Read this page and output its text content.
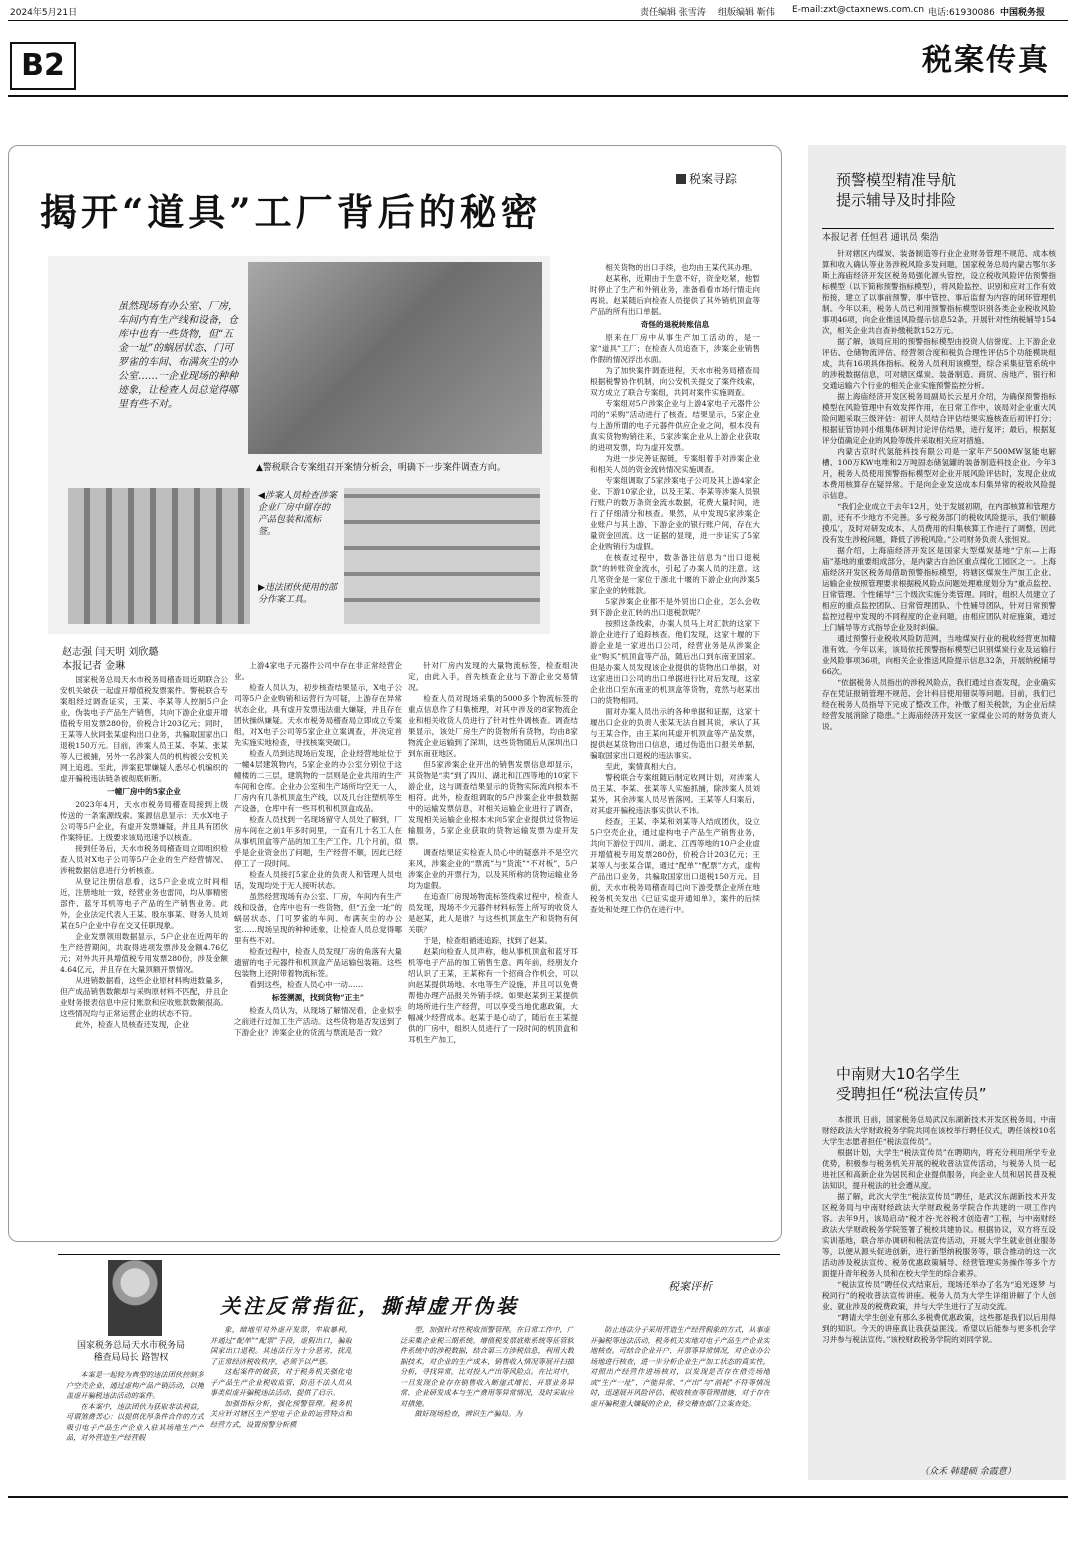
2024年5月21日	责任编辑 张雪涛 组版编辑 靳伟 E-mail:zxt@ctaxnews.com.cn 电话:61930086 中国税务报
B2	税案传真
揭开“道具”工厂背后的秘密
税案寻踪
虽然现场有办公室、厂房，车间内有生产线和设备，仓库中也有一些货物，但“五金一址”的蜗居状态、门可罗雀的车间、布满灰尘的办公室……一企业现场的种种迹象，让检查人员总觉得哪里有些不对。
▲警税联合专案组召开案情分析会，明确下一步案件调查方向。
◀涉案人员检查涉案企业厂房中留存的产品包装和流标签。
▶违法团伙使用的部分作案工具。
赵志强 闫天明 刘欣璐
本报记者 金琳

国家税务总局天水市税务局稽查局近期联合公安机关破获一起虚开增值税发票案件。警税联合专案组经过调查证实，王某、李某等人控制5户企业，伪装电子产品生产销售，共向下游企业虚开增值税专用发票280份，价税合计203亿元；同时，王某等人伙同张某虚构出口业务，共骗取国家出口退税150万元。目前，涉案人员王某、李某、张某等人已被捕，另外一名涉案人员的机构被公安机关网上追逃。至此，涉案犯罪嫌疑人悉尽心机编织的虚开骗税违法链条被彻底斩断。

一幢厂房中的5家企业

2023年4月，天水市税务局稽查局接到上级传送的一条案源线索。案源信息显示：天水X电子公司等5户企业，有虚开发票嫌疑，并且具有团伙作案特征。上级要求该局迅速予以核查。

接到任务后，天水市税务局稽查局立即组织检查人员对X电子公司等5户企业的生产经营情况、涉税数据信息进行分析核查。

从登记注册信息看，这5户企业成立时间相近，注册地址一致，经营业务也雷同，均从事精密部件、蓝牙耳机等电子产品的生产销售业务。此外，企业法定代表人王某、殷东事某、财务人员刘某在5户企业中存在交叉任职现象。

企业发票领用数据显示，5户企业在近两年的生产经营期间，共取得进项发票涉及金额4.76亿元；对外共开具增值税专用发票280份，涉及金额4.64亿元，并且存在大量顶额开票情况。

从进销数据看，这些企业原材料购进数量多，但产成品销售数额却与采购原材料不匹配，并且企业财务报表信息中应付账款和应收账款数额很高。这些情况均与正常运营企业的状态不符。

此外，检查人员核查还发现，企业

上游4家电子元器件公司中存在非正常经营企业。

检查人员认为，初步核查结果显示，X电子公司等5户企业购销和运营行为可疑，上游存在异常状态企业，具有虚开发票违法重大嫌疑，并且存在团伙操纵嫌疑。天水市税务局稽查局立即成立专案组，对X电子公司等5家企业立案调查，并决定首先实施实地检查，寻找核案突破口。

检查人员到达现场后发现，企业经营地址位于一幢4层建筑物内，5家企业的办公室分别位于这幢楼的二三层，建筑物的一层则是企业共用的生产车间和仓库。企业办公室和生产场所均空无一人，厂房内有几条机顶盒生产线，以及几台注塑机等生产设备，仓库中有一些耳机和机顶盒成品。

检查人员找到一名现场留守人员处了解到，厂房车间在之前1年多时间里，一直有几十名工人在从事机顶盒等产品的加工生产工作。几个月前，似乎是企业资金出了问题，生产经营不顺，因此已经停工了一段时间。

检查人员接打5家企业的负责人和管理人员电话，发现均处于无人接听状态。

虽然经营现场有办公室、厂房，车间内有生产线和设备，仓库中也有一些货物，但“五金一址”的蜗居状态、门可罗雀的车间、布满灰尘的办公室……现场呈现的种种迹象，让检查人员总觉得哪里有些不对。

检查过程中，检查人员发现厂房的角落有大量遗留的电子元器件和机顶盒产品运输包装箱。这些包装物上还附带着物流标签。

看到这些，检查人员心中一动……

标签溯源，找到货物“正主”

检查人员认为，从现场了解情况看，企业似乎之前进行过加工生产活动。这些货物是否发送到了下游企业？涉案企业的货流与票流是否一致？

针对厂房内发现的大量物流标签，检查组决定，由此入手，首先核查企业与下游企业交易情况。

检查人员对现场采集的5000多个物流标签的重点信息作了归集梳理，对其中涉及的8家物流企业和相关收货人员进行了针对性外调核查。调查结果显示，该处厂房生产的货物所有货物，均由8家物流企业运输到了深圳，这些货物随后从深圳出口到东南亚地区。

但5家涉案企业开出的销售发票信息却显示，其货物是“卖”到了四川、湖北和江西等地的10家下游企业，这与调查结果显示的货物实际流向根本不相符。此外，检查组调取的5户涉案企业申报数据中的运输发票信息，对相关运输企业进行了调查，发现相关运输企业根本未向5家企业提供过货物运输服务，5家企业获取的货物运输发票为虚开发票。

调查结果证实检查人员心中的疑惑并不是空穴来风，涉案企业的“票流”与“货流”“不对板”，5户涉案企业的开票行为，以及其所称的货物运输业务均为虚假。

在追查厂房现场物流标签线索过程中，检查人员发现，现场不少元器件材料标签上所写的收货人是赵某，此人是谁？与这些机顶盒生产和货物有何关联？

于是，检查组循迹追踪，找到了赵某。

赵某向检查人员声称，他从事机顶盒和蓝牙耳机等电子产品的加工销售生意。两年前，经朋友介绍认识了王某，王某称有一个招商合作机会，可以向赵某提供场地、水电等生产设施，并且可以免费帮他办理产品报关外销手续。如果赵某到王某提供的场所进行生产经营，可以享受当地优惠政策，大幅减少经营成本。赵某于是心动了，随后在王某提供的厂房中，组织人员进行了一段时间的机顶盒和耳机生产加工，

相关货物的出口手续，也均由王某代其办理。

赵某称，近期由于生意不好，资金吃紧，他暂时停止了生产和外销业务，准备看看市场行情走向再说。赵某随后向检查人员提供了其外销机顶盒等产品的所有出口单据。

奇怪的退税转账信息

原来在厂房中从事生产加工活动的，是一家“道具”工厂；在检查人员追查下，涉案企业销售作假的情况浮出水面。

为了加快案件调查进程，天水市税务局稽查局根据税警协作机制，向公安机关提交了案件线索，双方成立了联合专案组，共同对案件实施调查。

专案组对5户涉案企业与上游4家电子元器件公司的“采购”活动进行了核查。结果显示，5家企业与上游所谓的电子元器件供应企业之间，根本没有真实货物购销往来，5家涉案企业从上游企业获取的进项发票，均为虚开发票。

为进一步完善证据链，专案组着手对涉案企业和相关人员的资金流转情况实施调查。

专案组调取了5家涉案电子公司及其上游4家企业、下游10家企业，以及王某、李某等涉案人员银行账户的数万条资金流水数据，花费大量时间，进行了仔细清分和核查。果然，从中发现5家涉案企业账户与其上游、下游企业的银行账户间，存在大量资金回流。这一证据的显现，进一步证实了5家企业购销行为虚假。

在核查过程中，数条备注信息为“出口退税款”的转账资金流水，引起了办案人员的注意。这几笔资金是一家位于浙北十堰的下游企业向涉案5家企业的转账款。

5家涉案企业都不是外贸出口企业，怎么会收到下游企业汇转的出口退税款呢？

按照这条线索，办案人员马上对汇款的这家下游企业进行了追踪核查。他们发现，这家十堰的下游企业是一家进出口公司，经营业务是从涉案企业“购买”机顶盒等产品，随后出口到东南亚国家。但是办案人员发现该企业提供的货物出口单据，对这家进出口公司的出口单据进行比对后发现，这家企业出口至东南亚的机顶盒等货物，竟然与赵某出口的货物相同。

面对办案人员出示的各种单据和证据，这家十堰出口企业的负责人张某无法自圆其说，承认了其与王某合作，由王某向其虚开机顶盒等产品发票，提供赵某货物出口信息，通过伪造出口报关单据，骗取国家出口退税的违法事实。

至此，案情真相大白。

警税联合专案组随后制定收网计划，对涉案人员王某、李某、张某等人实施抓捕，除涉案人员刘某外，其余涉案人员尽皆落网。王某等人归案后，对其虚开骗税违法事实供认不讳。

经查，王某、李某和刘某等人结成团伙，设立5户空壳企业，通过虚构电子产品生产销售业务，共向下游位于四川、湖北、江西等地的10户企业虚开增值税专用发票280份，价税合计203亿元；王某等人与张某合谋，通过“配单”“配票”方式，虚构产品出口业务，共骗取国家出口退税150万元。目前，天水市税务局稽查局已向下游受票企业所在地税务机关发出《已证实虚开通知单》，案件的后续查处和处理工作仍在进行中。

预警模型精准导航
提示辅导及时排险
本报记者 任恒君 通讯员 柴浩

针对辖区内煤炭、装备制造等行业企业财务管理不规范、成本核算和收入确认等业务涉税风险多发问题，国家税务总局内蒙古鄂尔多斯上海庙经济开发区税务局强化源头管控，设立税收风险评估预警指标模型（以下简称预警指标模型），将风险监控、识别和应对工作有效衔接，建立了以事前预警、事中管控、事后监督为内容的闭环管理机制。今年以来，税务人员已利用预警指标模型识别各类企业税收风险事项46项，向企业推送风险提示信息52条，开展针对性纳税辅导154次，相关企业共自查补缴税款152万元。

据了解，该局应用的预警指标模型由投资人信誉度、上下游企业评估、仓储物流评估、经营领合度和税负合理性评估5个功能模块组成，共有16项具体指标。税务人员利用该模型，综合采集征管系统中的涉税数据信息，可对辖区煤炭、装备制造、商贸、房地产、银行和交通运输六个行业的相关企业实施预警监控分析。

据上海庙经济开发区税务局副局长云星月介绍，为确保预警指标模型在风险管理中有效发挥作用，在日常工作中，该局对企业重大风险问题采取三级评估：初评人员结合评估结果实施核查后初评打分；根据征管协同小组集体研判讨论评估结果，进行复评；最后，根据复评分值确定企业的风险等级并采取相关应对措施。

内蒙古京时代氢能科技有限公司是一家年产500MW氢能电解槽、100万KW电堆和2万吨固态储氢罐的装备制造科技企业。今年3月，税务人员使用预警指标模型对企业开展风险评估时，发现企业成本费用核算存在疑异常。于是向企业发送成本归集异常的税收风险提示信息。

“我们企业成立于去年12月，处于发展初期，在内部核算和管理方面，还有不少地方不完善。多亏税务部门的税收风险提示，我们‘顺藤摸瓜’，及时对研发成本、人员费用的归集核算工作进行了调整，因此没有发生涉税问题，降低了涉税风险。”公司财务负责人张恒说。

据介绍，上海庙经济开发区是国家大型煤炭基地“宁东—上海庙”基地的重要组成部分，是内蒙古自治区重点煤化工园区之一。上海庙经济开发区税务局借助预警指标模型，将辖区煤炭生产加工企业、运输企业按照管理要求根据税风险点问题处理难度划分为“重点监控、日常管理、个性辅导”三个级次实施分类管理。同时，组织人员建立了相应的重点监控团队、日常管理团队、个性辅导团队，针对日常预警监控过程中发现的不同程度的企业问题，由相应团队对症施策，通过上门辅导等方式指导企业及时纠偏。

通过预警行业税收风险防范网，当地煤炭行业的税收经营更加精准有效。今年以来，该局依托预警指标模型已识别煤炭行业及运输行业风险事项36项，向相关企业推送风险提示信息32条，开展纳税辅导66次。

“依据税务人员指出的涉税风险点，我们通过自查发现，企业确实存在凭证报销管理不规范、会计科目使用错误等问题。目前，我们已经在税务人员指导下完成了整改工作，补缴了相关税款，为企业后续经营发展消除了隐患。”上海庙经济开发区一家煤业公司的财务负责人说。

中南财大10名学生
受聘担任“税法宣传员”

本报讯 日前，国家税务总局武汉东湖新技术开发区税务局、中南财经政法大学财政税务学院共同在该校举行聘任仪式，聘任该校10名大学生志愿者担任“税法宣传员”。

根据计划，大学生“税法宣传员”在聘期内，将充分利用所学专业优势，积极参与税务机关开展的税收普法宣传活动，与税务人员一起进社区和高新企业为居民和企业提供服务，向企业人员和居民普及税法知识，提升税法的社会遵从度。

据了解，此次大学生“税法宣传员”聘任，是武汉东湖新技术开发区税务局与中南财经政法大学财政税务学院合作共建的一项工作内容。去年9月，该局启动“税才谷·光谷税才创造者”工程，与中南财经政法大学财政税务学院签署了税校共建协议。根据协议，双方将互设实训基地，联合举办调研和税法宣传活动，开展大学生就业创业服务等，以便从源头促进创新，进行新型纳税服务等，联合推动的这一次活动涉及税法宣传、税务优惠政策辅导、经营管理实务操作等多个方面提升青年税务人员和在校大学生的综合素养。

“税法宣传员”聘任仪式结束后，现场还举办了名为“追光逐梦 与税同行”的税收普法宣传讲座。税务人员为大学生详细讲解了个人创业、就业涉及的税费政策，并与大学生进行了互动交流。

“聘请大学生创业有那么多税费优惠政策，这些都是我们以后用得到的知识。今天的讲座真让我获益匪浅。希望以后能参与更多机会学习并参与税法宣传。”该校财政税务学院的刘同学说。

（众禾 韩建硕 余霞意）
税案评析
关注反常指征，撕掉虚开伪装
国家税务总局天水市税务局
稽查局局长 路智权

本案是一起较为典型的违法团伙控制多户空壳企业，通过虚构产品产销活动，以掩盖虚开骗税违法活动的案件。

在本案中，违法团伙为获取非法利益，可谓煞费苦心：以提供优厚条件合作的方式吸引电子产品生产企业入驻其场地生产产品，对外营造生产经营假

象，暗地里对外虚开发票，牟取暴利，并通过“配单”“配票”手段，虚假出口，骗取国家出口退税。其违法行为十分恶劣，扰乱了正常经济税收秩序，必须予以严惩。

这起案件的破获，对于税务机关强化电子产品生产企业税收监管，防范不法人员从事类似虚开骗税违法活动，提供了启示。

加强指标分析，强化预警管理。税务机关应针对辖区生产型电子企业的运营特点和经营方式，设置预警分析模

型，加强针对性税收预警管理。在日常工作中，广泛采集企业税三期系统、增值税发票底账系统等征管软件系统中的涉税数据，结合第三方涉税信息，利用大数据技术，对企业的生产成本、销售收入情况等展开扫描分析，寻找异常，比对投入产出等风险点。在比对中，一旦发现企业存在销售收入断崖式增长、开票业务异常、企业研发成本与生产费用等异常情况，及时采取应对措施。

做好现场检查，辨识生产骗局。为

防止违法分子采用营造生产经营假象的方式，从事虚开骗税等违法活动，税务机关实地对电子产品生产企业实地核查。可结合企业开户、开票等异常情况，对企业办公场地进行核查，进一步分析企业生产加工状态的真实性，对照出产经营作进场核对，以发现是否存在借壳场地或“生产一址”，产能异常、“产出”与“消耗”不符等情况时，迅速展开风险评估、税收核查等管理措施，对于存在虚开骗税重大嫌疑的企业，移交稽查部门立案查处。
